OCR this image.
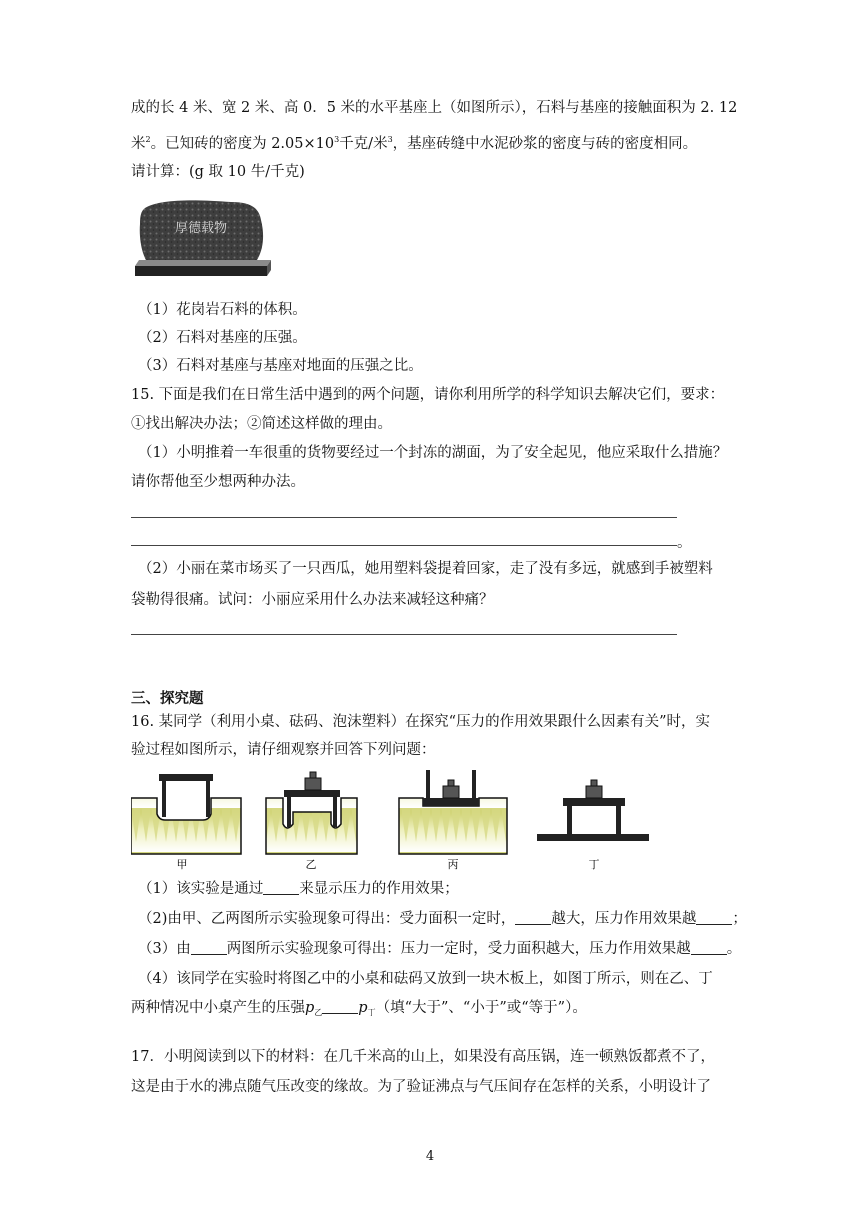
成的长 4 米、宽 2 米、高 0．5 米的水平基座上（如图所示），石料与基座的接触面积为 2. 12
米$^2$。已知砖的密度为 $2.05\times 10^3$千克/米$^3$，基座砖缝中水泥砂浆的密度与砖的密度相同。
请计算：(g 取 10 牛/千克)
厚德载物
（1）花岗岩石料的体积。
（2）石料对基座的压强。
（3）石料对基座与基座对地面的压强之比。
15. 下面是我们在日常生活中遇到的两个问题，请你利用所学的科学知识去解决它们，要求：
①找出解决办法；②简述这样做的理由。
（1）小明推着一车很重的货物要经过一个封冻的湖面，为了安全起见，他应采取什么措施？
请你帮他至少想两种办法。
。
（2）小丽在菜市场买了一只西瓜，她用塑料袋提着回家，走了没有多远，就感到手被塑料
袋勒得很痛。试问：小丽应采用什么办法来减轻这种痛？
三、探究题
16. 某同学（利用小桌、砝码、泡沫塑料）在探究“压力的作用效果跟什么因素有关”时，实
验过程如图所示，请仔细观察并回答下列问题：
甲	乙	丙	丁
（1）该实验是通过 来显示压力的作用效果；
（2)由甲、乙两图所示实验现象可得出：受力面积一定时， 越大，压力作用效果越 ；
（3）由 两图所示实验现象可得出：压力一定时，受力面积越大，压力作用效果越 。
（4）该同学在实验时将图乙中的小桌和砝码又放到一块木板上，如图丁所示，则在乙、丁
两种情况中小桌产生的压强$p_乙$ $p_丁$（填“大于”、“小于”或“等于”）。
17．小明阅读到以下的材料：在几千米高的山上，如果没有高压锅，连一顿熟饭都煮不了，
这是由于水的沸点随气压改变的缘故。为了验证沸点与气压间存在怎样的关系，小明设计了
4
